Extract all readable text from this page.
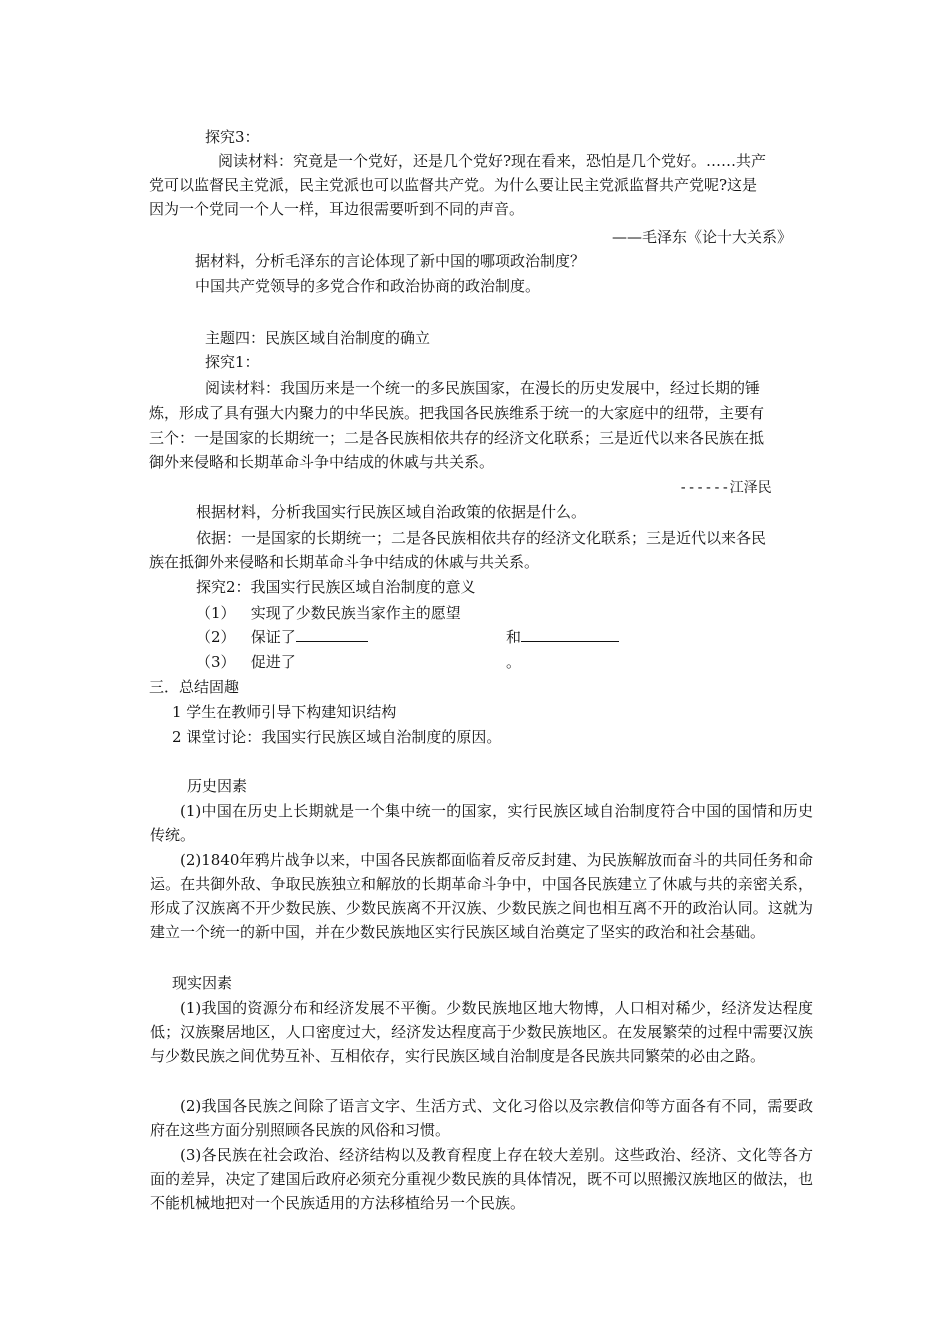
探究3：
阅读材料：究竟是一个党好，还是几个党好?现在看来，恐怕是几个党好。……共产
党可以监督民主党派，民主党派也可以监督共产党。为什么要让民主党派监督共产党呢?这是
因为一个党同一个人一样，耳边很需要听到不同的声音。
——毛泽东《论十大关系》
据材料，分析毛泽东的言论体现了新中国的哪项政治制度？
中国共产党领导的多党合作和政治协商的政治制度。
主题四：民族区域自治制度的确立
探究1：
阅读材料：我国历来是一个统一的多民族国家，在漫长的历史发展中，经过长期的锤
炼，形成了具有强大内聚力的中华民族。把我国各民族维系于统一的大家庭中的纽带，主要有
三个：一是国家的长期统一；二是各民族相依共存的经济文化联系；三是近代以来各民族在抵
御外来侵略和长期革命斗争中结成的休戚与共关系。
------江泽民
根据材料，分析我国实行民族区域自治政策的依据是什么。
依据：一是国家的长期统一；二是各民族相依共存的经济文化联系；三是近代以来各民
族在抵御外来侵略和长期革命斗争中结成的休戚与共关系。
探究2：我国实行民族区域自治制度的意义
（1） 实现了少数民族当家作主的愿望
（2） 保证了	和
（3） 促进了	。
三．总结固趣
1 学生在教师引导下构建知识结构
2 课堂讨论：我国实行民族区域自治制度的原因。
历史因素
(1)中国在历史上长期就是一个集中统一的国家，实行民族区域自治制度符合中国的国情和历史传统。
(2)1840年鸦片战争以来，中国各民族都面临着反帝反封建、为民族解放而奋斗的共同任务和命运。在共御外敌、争取民族独立和解放的长期革命斗争中，中国各民族建立了休戚与共的亲密关系，形成了汉族离不开少数民族、少数民族离不开汉族、少数民族之间也相互离不开的政治认同。这就为建立一个统一的新中国，并在少数民族地区实行民族区域自治奠定了坚实的政治和社会基础。
现实因素
(1)我国的资源分布和经济发展不平衡。少数民族地区地大物博，人口相对稀少，经济发达程度低；汉族聚居地区，人口密度过大，经济发达程度高于少数民族地区。在发展繁荣的过程中需要汉族与少数民族之间优势互补、互相依存，实行民族区域自治制度是各民族共同繁荣的必由之路。
(2)我国各民族之间除了语言文字、生活方式、文化习俗以及宗教信仰等方面各有不同，需要政府在这些方面分别照顾各民族的风俗和习惯。
(3)各民族在社会政治、经济结构以及教育程度上存在较大差别。这些政治、经济、文化等各方面的差异，决定了建国后政府必须充分重视少数民族的具体情况，既不可以照搬汉族地区的做法，也不能机械地把对一个民族适用的方法移植给另一个民族。
